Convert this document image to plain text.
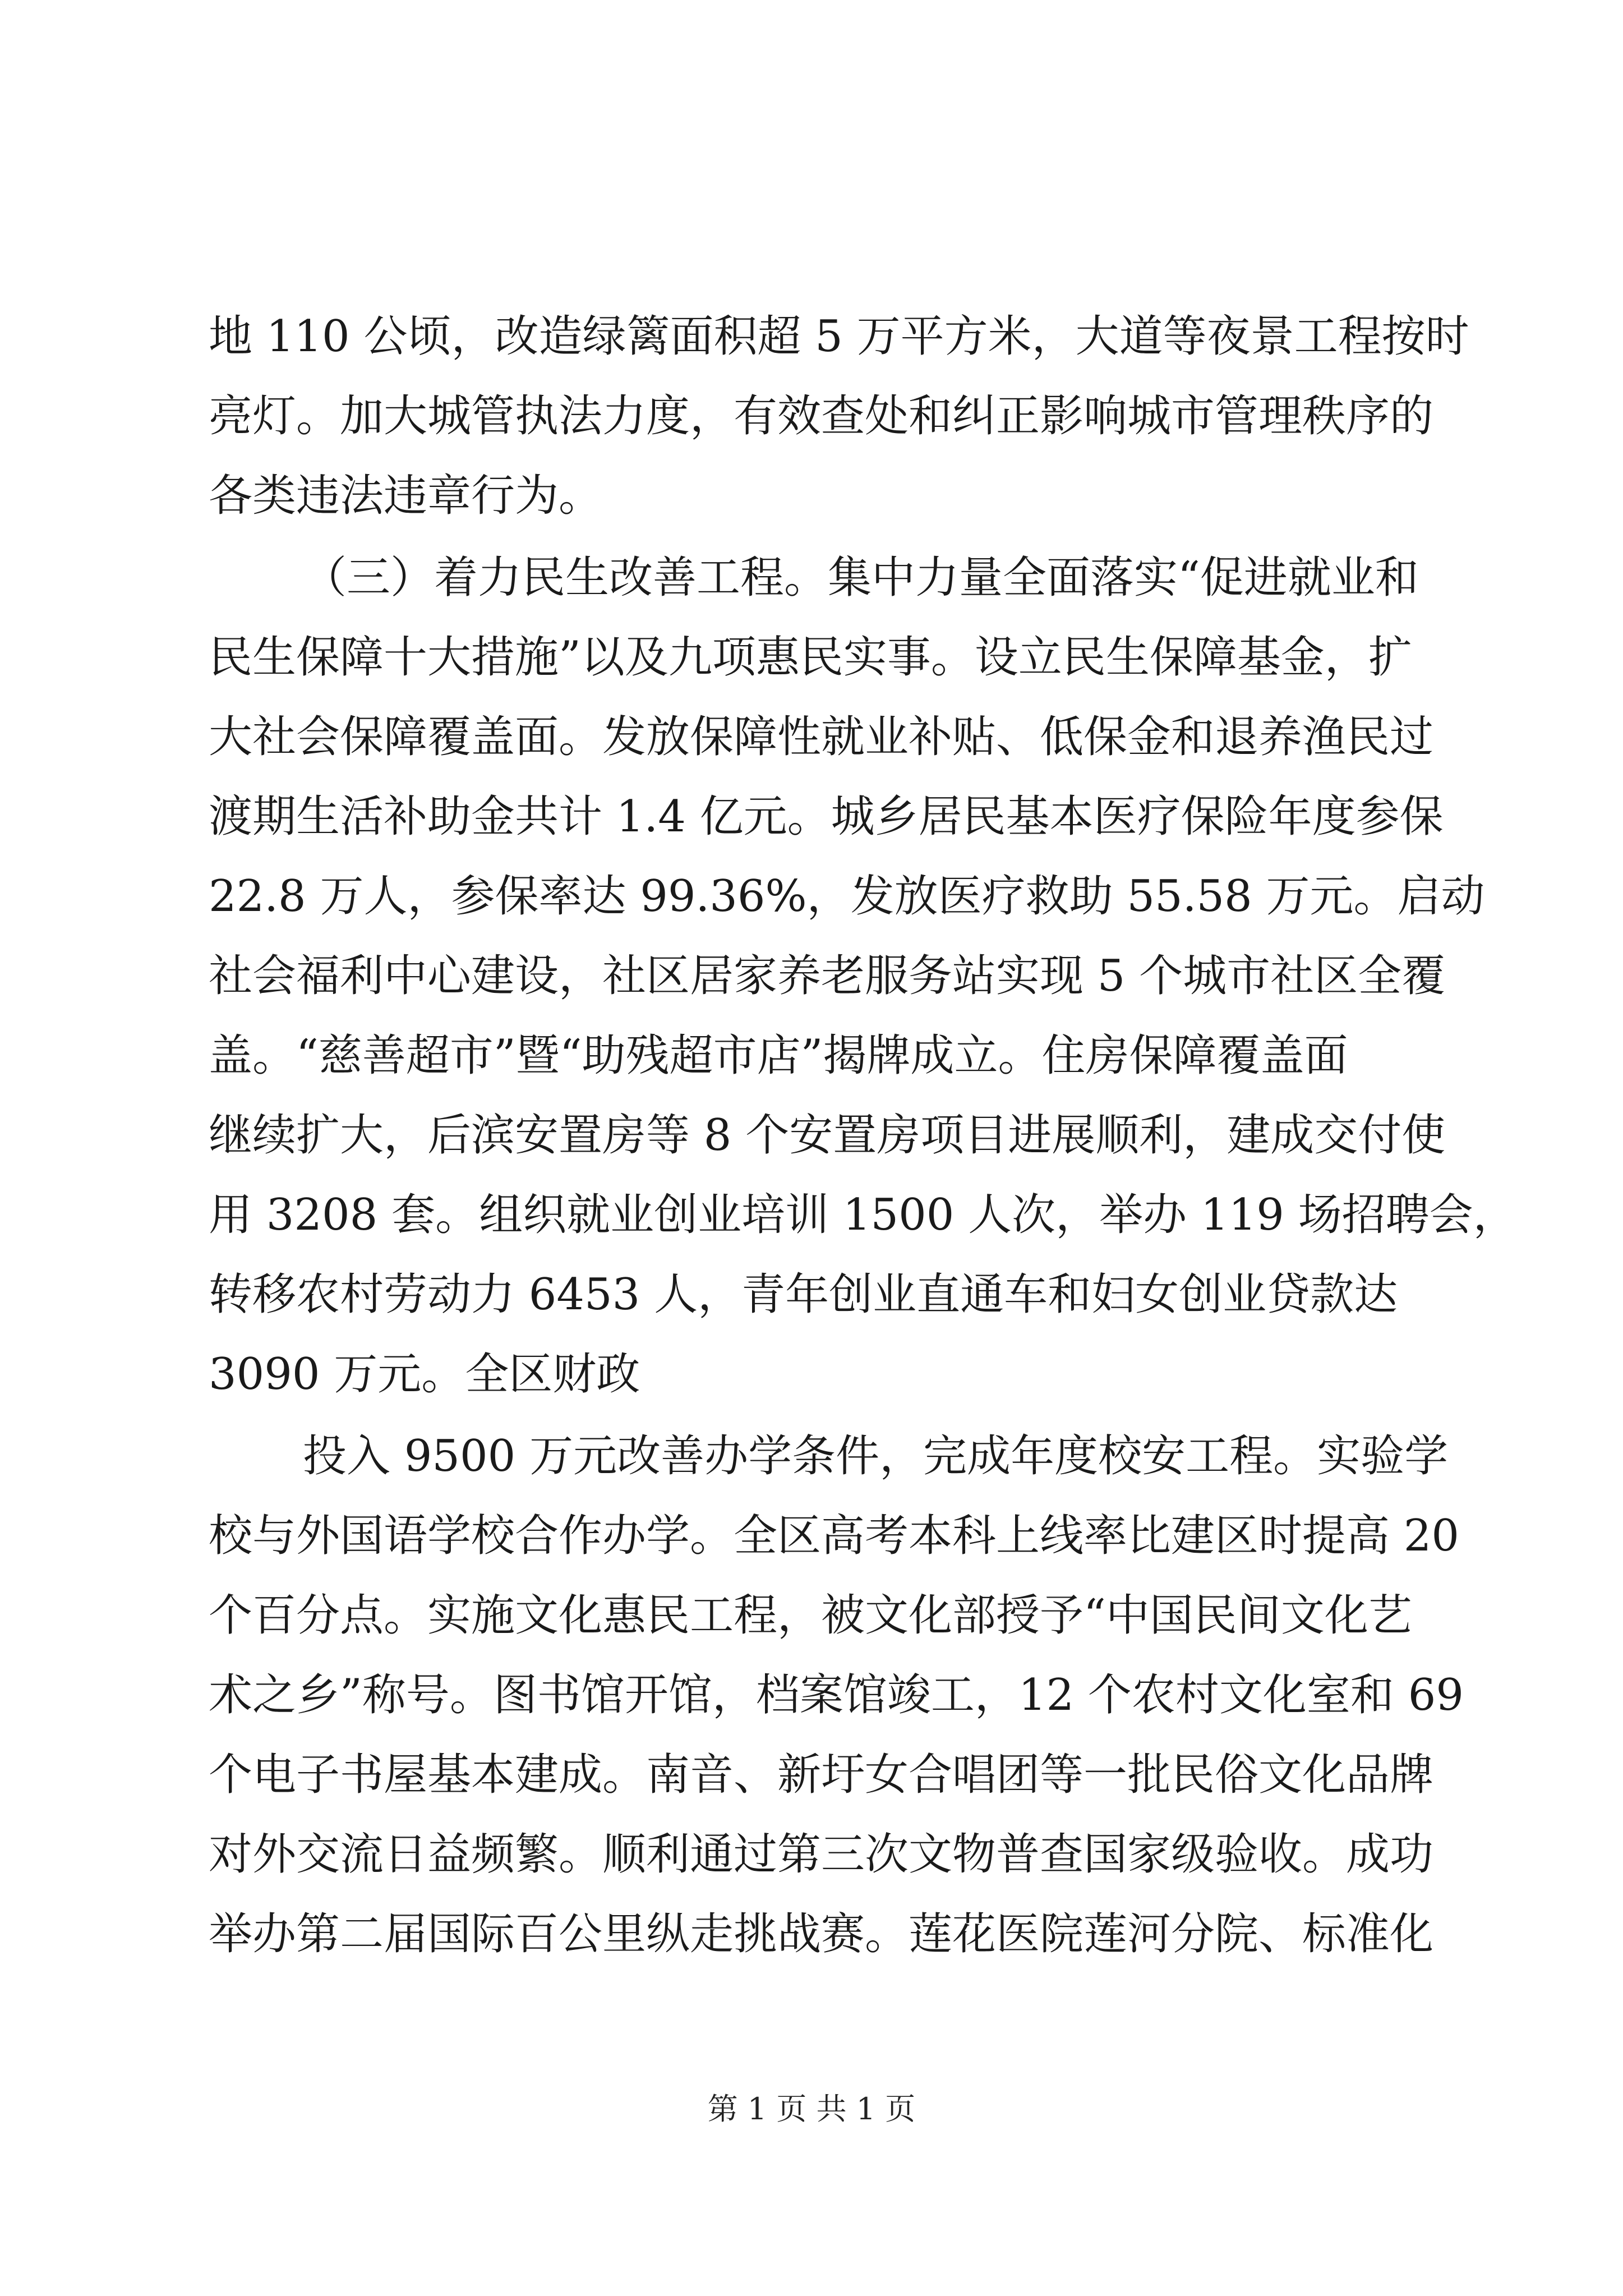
地 110 公顷，改造绿篱面积超 5 万平方米，大道等夜景工程按时
亮灯。加大城管执法力度，有效查处和纠正影响城市管理秩序的
各类违法违章行为。
（三）着力民生改善工程。集中力量全面落实“促进就业和
民生保障十大措施”以及九项惠民实事。设立民生保障基金，扩
大社会保障覆盖面。发放保障性就业补贴、低保金和退养渔民过
渡期生活补助金共计 1.4 亿元。城乡居民基本医疗保险年度参保
22.8 万人，参保率达 99.36%，发放医疗救助 55.58 万元。启动
社会福利中心建设，社区居家养老服务站实现 5 个城市社区全覆
盖。“慈善超市”暨“助残超市店”揭牌成立。住房保障覆盖面
继续扩大，后滨安置房等 8 个安置房项目进展顺利，建成交付使
用 3208 套。组织就业创业培训 1500 人次，举办 119 场招聘会，
转移农村劳动力 6453 人，青年创业直通车和妇女创业贷款达
3090 万元。全区财政
投入 9500 万元改善办学条件，完成年度校安工程。实验学
校与外国语学校合作办学。全区高考本科上线率比建区时提高 20
个百分点。实施文化惠民工程，被文化部授予“中国民间文化艺
术之乡”称号。图书馆开馆，档案馆竣工，12 个农村文化室和 69
个电子书屋基本建成。南音、新圩女合唱团等一批民俗文化品牌
对外交流日益频繁。顺利通过第三次文物普查国家级验收。成功
举办第二届国际百公里纵走挑战赛。莲花医院莲河分院、标准化
第 1 页 共 1 页
